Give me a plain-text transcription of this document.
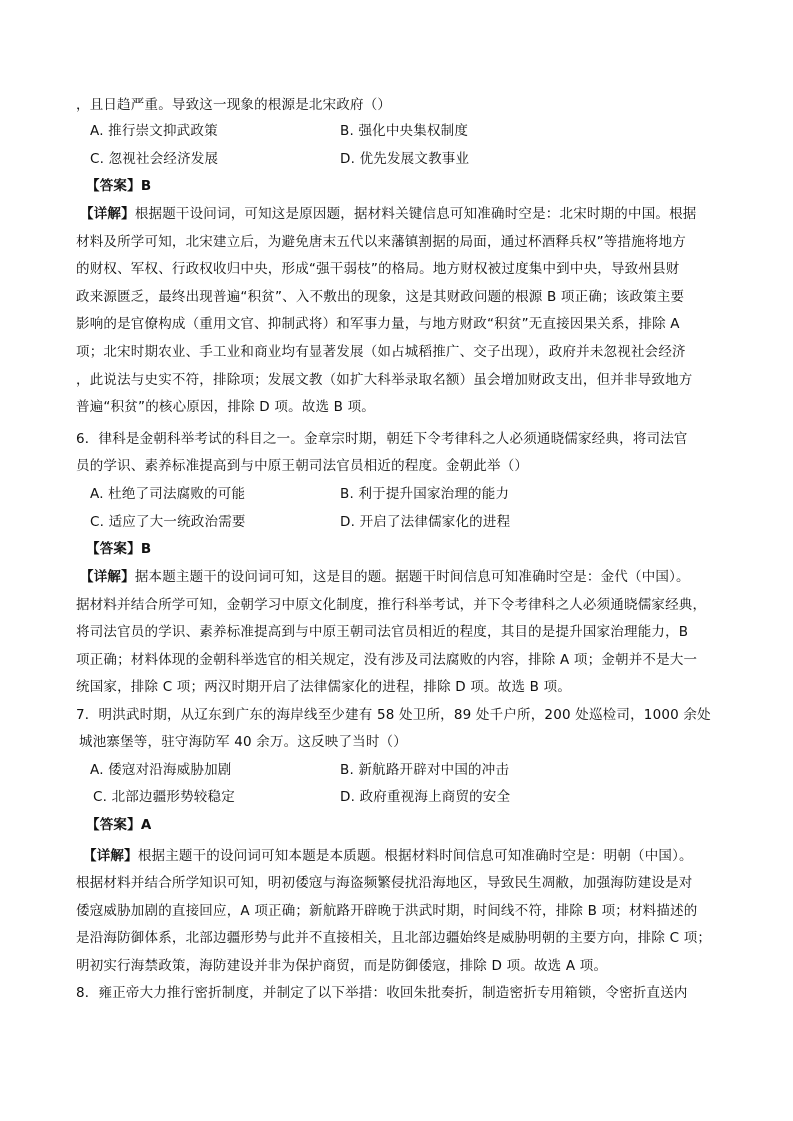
，且日趋严重。导致这一现象的根源是北宋政府（）
A. 推行崇文抑武政策	B. 强化中央集权制度
C. 忽视社会经济发展	D. 优先发展文教事业
【答案】B
【详解】根据题干设问词，可知这是原因题，据材料关键信息可知准确时空是：北宋时期的中国。根据
材料及所学可知，北宋建立后，为避免唐末五代以来藩镇割据的局面，通过杯酒释兵权”等措施将地方
的财权、军权、行政权收归中央，形成“强干弱枝”的格局。地方财权被过度集中到中央，导致州县财
政来源匮乏，最终出现普遍“积贫”、入不敷出的现象，这是其财政问题的根源 B 项正确；该政策主要
影响的是官僚构成（重用文官、抑制武将）和军事力量，与地方财政“积贫”无直接因果关系，排除 A
项；北宋时期农业、手工业和商业均有显著发展（如占城稻推广、交子出现），政府并未忽视社会经济
，此说法与史实不符，排除项；发展文教（如扩大科举录取名额）虽会增加财政支出，但并非导致地方
普遍“积贫”的核心原因，排除 D 项。故选 B 项。
6．律科是金朝科举考试的科目之一。金章宗时期，朝廷下令考律科之人必须通晓儒家经典，将司法官
员的学识、素养标准提高到与中原王朝司法官员相近的程度。金朝此举（）
A. 杜绝了司法腐败的可能	B. 利于提升国家治理的能力
C. 适应了大一统政治需要	D. 开启了法律儒家化的进程
【答案】B
【详解】据本题主题干的设问词可知，这是目的题。据题干时间信息可知准确时空是：金代（中国）。
据材料并结合所学可知，金朝学习中原文化制度，推行科举考试，并下令考律科之人必须通晓儒家经典，
将司法官员的学识、素养标准提高到与中原王朝司法官员相近的程度，其目的是提升国家治理能力，B
项正确；材料体现的金朝科举选官的相关规定，没有涉及司法腐败的内容，排除 A 项；金朝并不是大一
统国家，排除 C 项；两汉时期开启了法律儒家化的进程，排除 D 项。故选 B 项。
7．明洪武时期，从辽东到广东的海岸线至少建有 58 处卫所，89 处千户所，200 处巡检司，1000 余处
城池寨堡等，驻守海防军 40 余万。这反映了当时（）
A. 倭寇对沿海威胁加剧	B. 新航路开辟对中国的冲击
C. 北部边疆形势较稳定	D. 政府重视海上商贸的安全
【答案】A
【详解】根据主题干的设问词可知本题是本质题。根据材料时间信息可知准确时空是：明朝（中国）。
根据材料并结合所学知识可知，明初倭寇与海盗频繁侵扰沿海地区，导致民生凋敝，加强海防建设是对
倭寇威胁加剧的直接回应，A 项正确；新航路开辟晚于洪武时期，时间线不符，排除 B 项；材料描述的
是沿海防御体系，北部边疆形势与此并不直接相关，且北部边疆始终是威胁明朝的主要方向，排除 C 项；
明初实行海禁政策，海防建设并非为保护商贸，而是防御倭寇，排除 D 项。故选 A 项。
8．雍正帝大力推行密折制度，并制定了以下举措：收回朱批奏折，制造密折专用箱锁，令密折直送内
